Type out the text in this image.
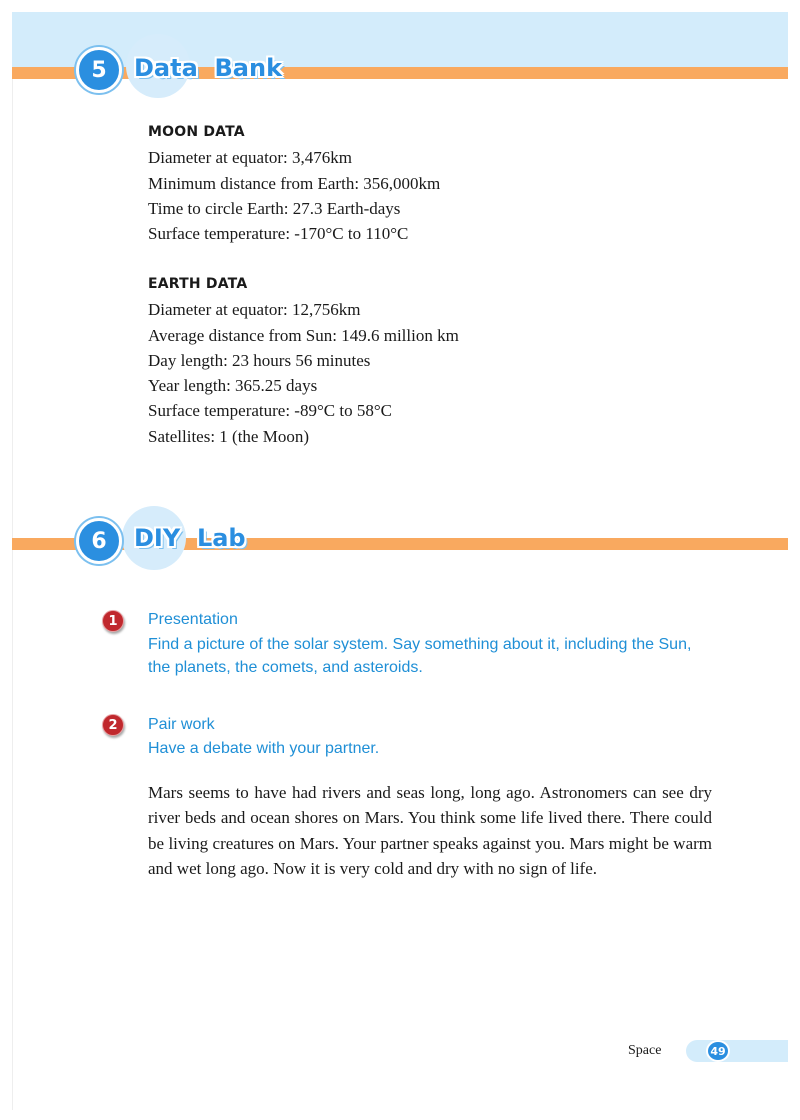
5	Data  Bank
MOON DATA
Diameter at equator: 3,476km
Minimum distance from Earth: 356,000km
Time to circle Earth: 27.3 Earth-days
Surface temperature: -170°C to 110°C
EARTH DATA
Diameter at equator: 12,756km
Average distance from Sun: 149.6 million km
Day length: 23 hours 56 minutes
Year length: 365.25 days
Surface temperature: -89°C to 58°C
Satellites: 1 (the Moon)
6	DIY  Lab
1	Presentation
Find a picture of the solar system. Say something about it, including the Sun, the planets, the comets, and asteroids.
2	Pair work
Have a debate with your partner.
Mars seems to have had rivers and seas long, long ago. Astronomers can see dry river beds and ocean shores on Mars. You think some life lived there. There could be living creatures on Mars. Your partner speaks against you. Mars might be warm and wet long ago. Now it is very cold and dry with no sign of life.
Space	49
